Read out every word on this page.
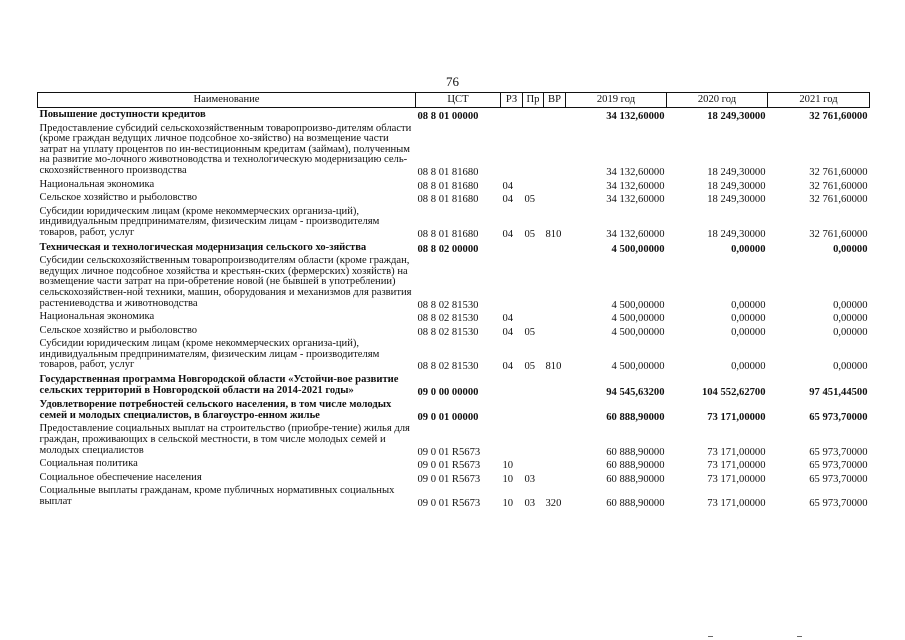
76
Наименование	ЦСТ	РЗ	Пр	ВР	2019 год	2020 год	2021 год
Повышение доступности кредитов	08 8 01 00000				34 132,60000	18 249,30000	32 761,60000
Предоставление субсидий сельскохозяйственным товаропроизво-дителям области (кроме граждан ведущих личное подсобное хо-зяйство) на возмещение части затрат на уплату процентов по ин-вестиционным кредитам (займам), полученным на развитие мо-лочного животноводства и технологическую модернизацию сель-скохозяйственного производства	08 8 01 81680				34 132,60000	18 249,30000	32 761,60000
Национальная экономика	08 8 01 81680	04			34 132,60000	18 249,30000	32 761,60000
Сельское хозяйство и рыболовство	08 8 01 81680	04	05		34 132,60000	18 249,30000	32 761,60000
Субсидии юридическим лицам (кроме некоммерческих организа-ций), индивидуальным предпринимателям, физическим лицам - производителям товаров, работ, услуг	08 8 01 81680	04	05	810	34 132,60000	18 249,30000	32 761,60000
Техническая и технологическая модернизация сельского хо-зяйства	08 8 02 00000				4 500,00000	0,00000	0,00000
Субсидии сельскохозяйственным товаропроизводителям области (кроме граждан, ведущих личное подсобное хозяйства и крестьян-ских (фермерских) хозяйств) на возмещение части затрат на при-обретение новой (не бывшей в употреблении) сельскохозяйствен-ной техники, машин, оборудования и механизмов для развития растениеводства и животноводства	08 8 02 81530				4 500,00000	0,00000	0,00000
Национальная экономика	08 8 02 81530	04			4 500,00000	0,00000	0,00000
Сельское хозяйство и рыболовство	08 8 02 81530	04	05		4 500,00000	0,00000	0,00000
Субсидии юридическим лицам (кроме некоммерческих организа-ций), индивидуальным предпринимателям, физическим лицам - производителям товаров, работ, услуг	08 8 02 81530	04	05	810	4 500,00000	0,00000	0,00000
Государственная программа Новгородской области «Устойчи-вое развитие сельских территорий в Новгородской области на 2014-2021 годы»	09 0 00 00000				94 545,63200	104 552,62700	97 451,44500
Удовлетворение потребностей сельского населения, в том числе молодых семей и молодых специалистов, в благоустро-енном жилье	09 0 01 00000				60 888,90000	73 171,00000	65 973,70000
Предоставление социальных выплат на строительство (приобре-тение) жилья для граждан, проживающих в сельской местности, в том числе молодых семей и молодых специалистов	09 0 01 R5673				60 888,90000	73 171,00000	65 973,70000
Социальная политика	09 0 01 R5673	10			60 888,90000	73 171,00000	65 973,70000
Социальное обеспечение населения	09 0 01 R5673	10	03		60 888,90000	73 171,00000	65 973,70000
Социальные выплаты гражданам, кроме публичных нормативных социальных выплат	09 0 01 R5673	10	03	320	60 888,90000	73 171,00000	65 973,70000
